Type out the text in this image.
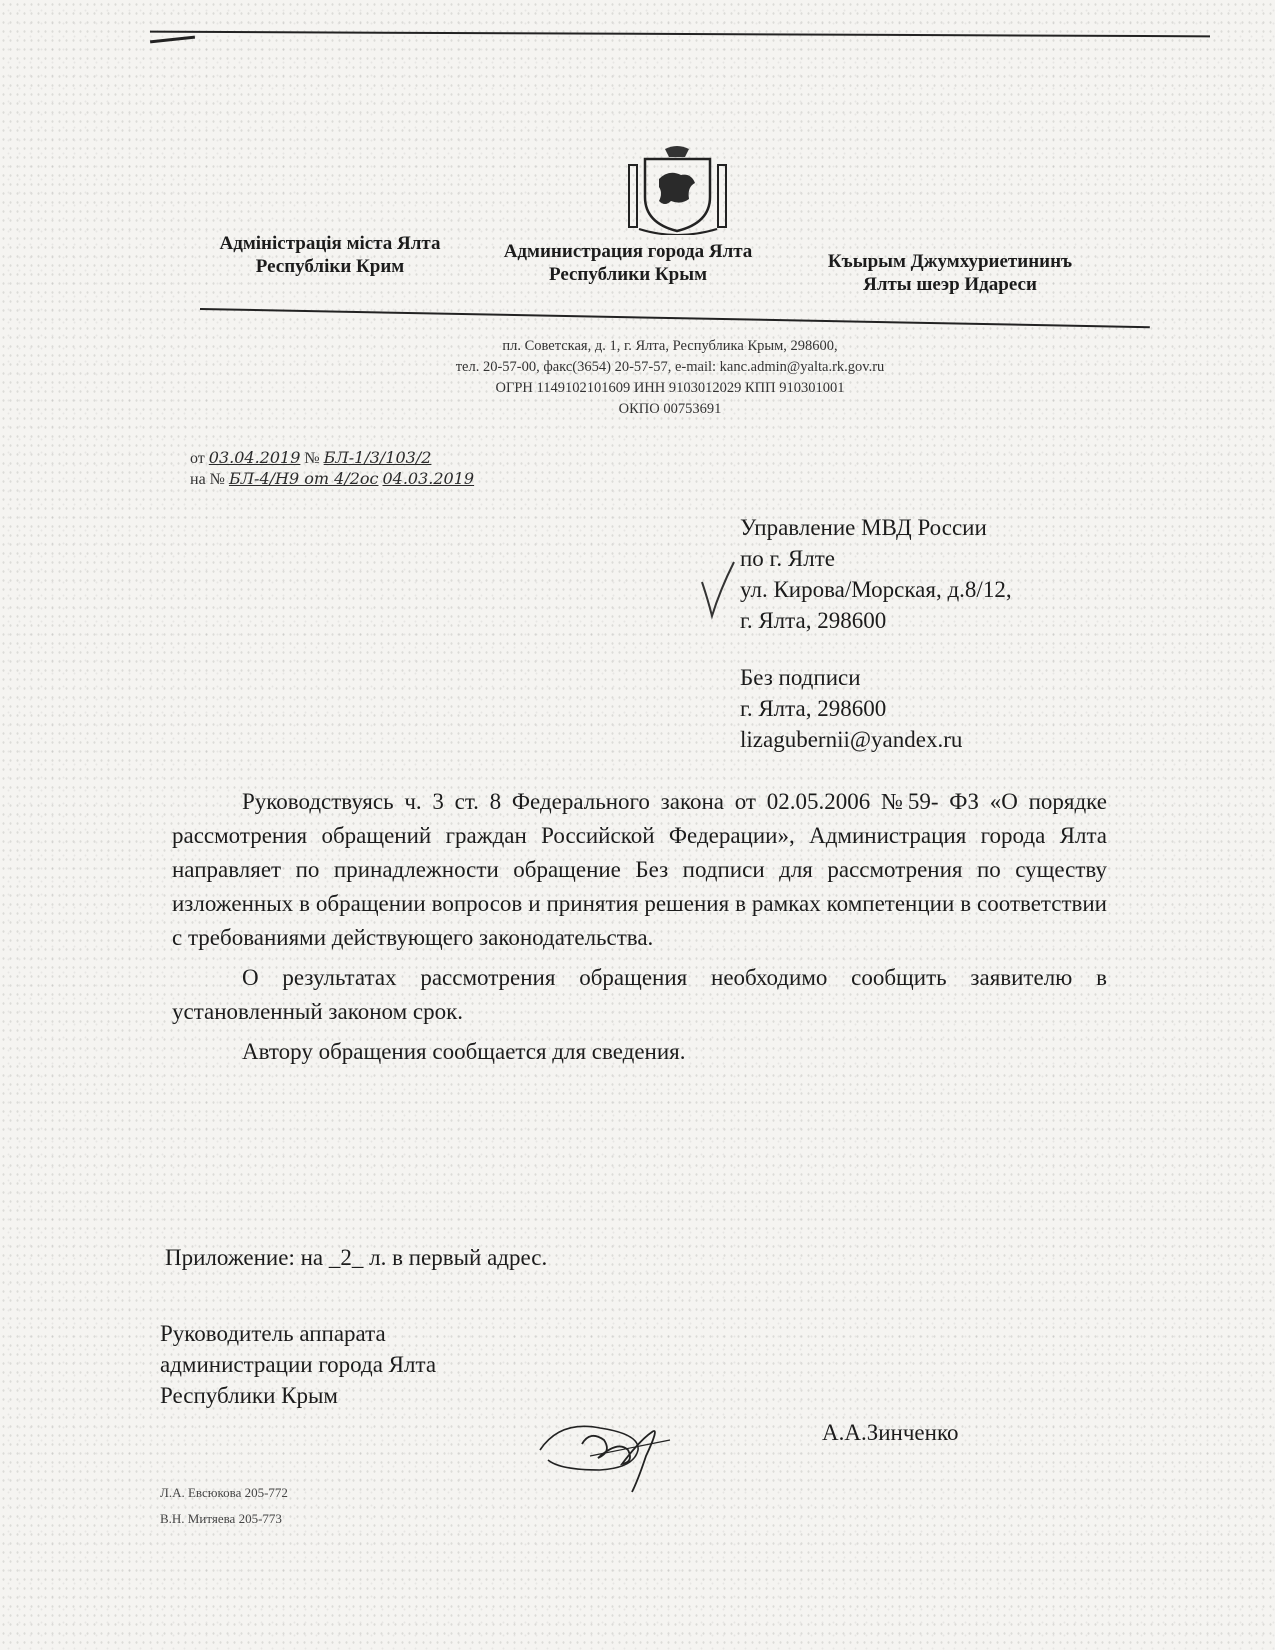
Адміністрація міста Ялта
Республіки Крим
Администрация города Ялта
Республики Крым
Къырым Джумхуриетининъ
Ялты шеэр Идареси
пл. Советская, д. 1, г. Ялта, Республика Крым, 298600,
тел. 20-57-00, факс(3654) 20-57-57, e-mail: kanc.admin@yalta.rk.gov.ru
ОГРН 1149102101609 ИНН 9103012029 КПП 910301001
ОКПО 00753691
от 03.04.2019 № БЛ-1/3/103/2
на № БЛ-4/Н9 от 4/2ос 04.03.2019
Управление МВД России
по г. Ялте
ул. Кирова/Морская, д.8/12,
г. Ялта, 298600
Без подписи
г. Ялта, 298600
lizagubernii@yandex.ru

Руководствуясь ч. 3 ст. 8 Федерального закона от 02.05.2006 №59- ФЗ «О порядке рассмотрения обращений граждан Российской Федерации», Администрация города Ялта направляет по принадлежности обращение Без подписи для рассмотрения по существу изложенных в обращении вопросов и принятия решения в рамках компетенции в соответствии с требованиями действующего законодательства.

О результатах рассмотрения обращения необходимо сообщить заявителю в установленный законом срок.

Автору обращения сообщается для сведения.

Приложение: на _2_ л. в первый адрес.
Руководитель аппарата
администрации города Ялта
Республики Крым
А.А.Зинченко
Л.А. Евсюкова 205-772
В.Н. Митяева 205-773
